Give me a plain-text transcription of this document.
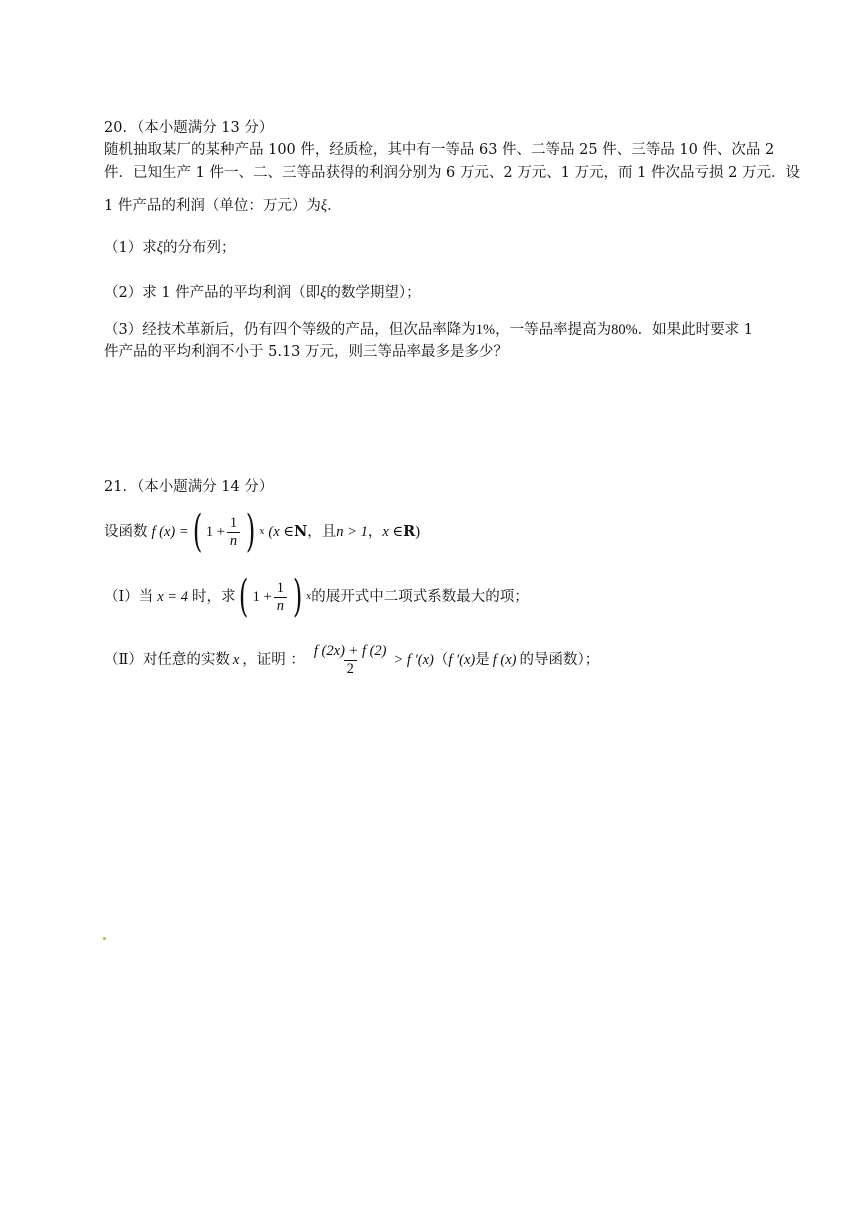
20．（本小题满分 13 分）
随机抽取某厂的某种产品 100 件，经质检，其中有一等品 63 件、二等品 25 件、三等品 10 件、次品 2
件．已知生产 1 件一、二、三等品获得的利润分别为 6 万元、2 万元、1 万元，而 1 件次品亏损 2 万元．设
1 件产品的利润（单位：万元）为ξ．
（1）求ξ的分布列；
（2）求 1 件产品的平均利润（即ξ的数学期望）；
（3）经技术革新后，仍有四个等级的产品，但次品率降为1%，一等品率提高为80%．如果此时要求 1
件产品的平均利润不小于 5.13 万元，则三等品率最多是多少？
21．（本小题满分 14 分）
设函数 f (x) = ( $1 + \frac{1}{n}$ ) x (x ∈ N ，且 n > 1 ， x ∈ R )
（Ⅰ）当 x = 4 时，求 ( $1 + \frac{1}{n}$ ) x 的展开式中二项式系数最大的项；
（Ⅱ）对任意的实数 x ，证明 ： $\frac{f (2x) + f (2)}{2} > f$ ′(x) （ f ′(x) 是 f (x) 的导函数）；
